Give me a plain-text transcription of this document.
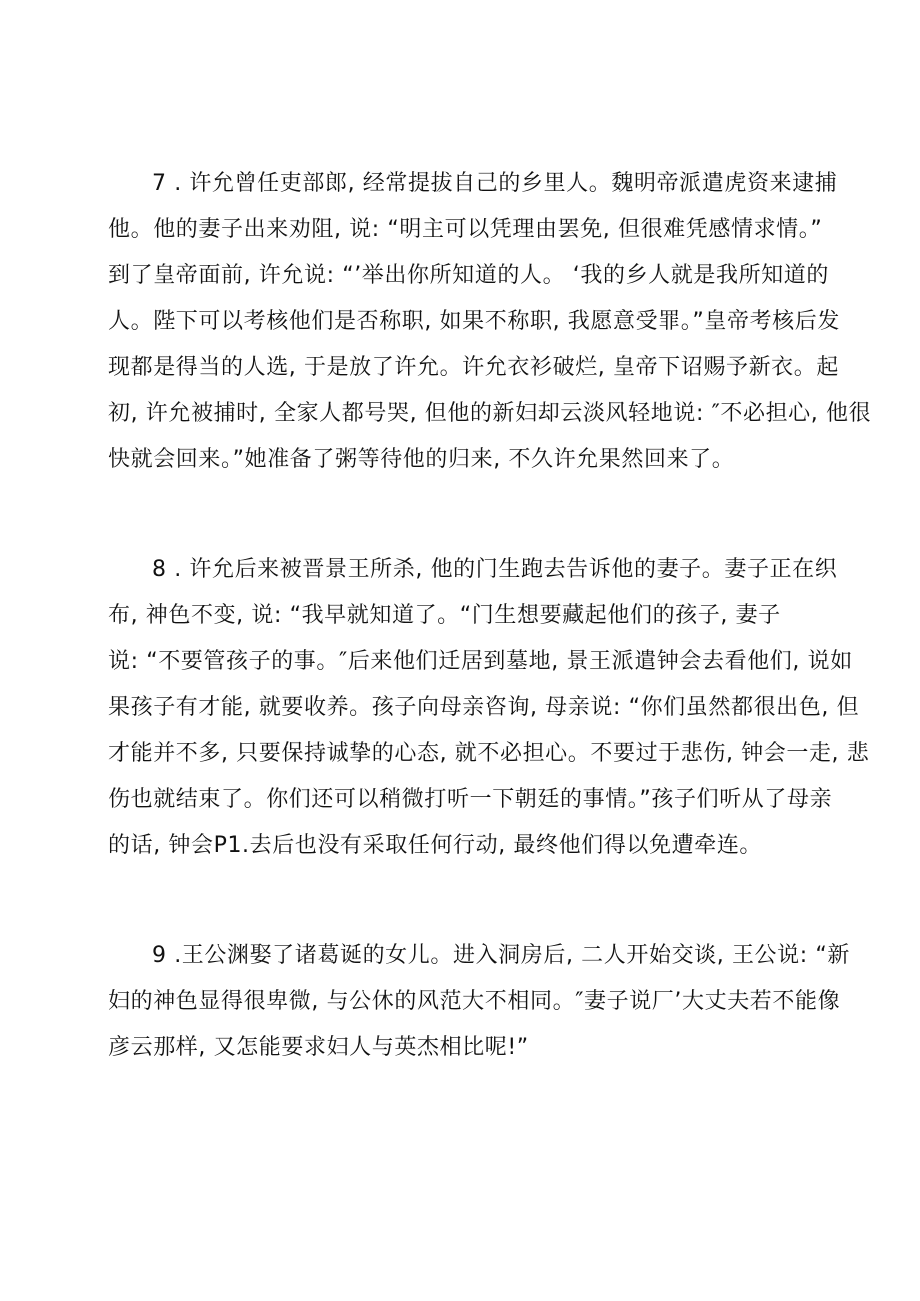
7 . 许允曾任吏部郎, 经常提拔自己的乡里人。魏明帝派遣虎资来逮捕
他。他的妻子出来劝阻, 说: “明主可以凭理由罢免, 但很难凭感情求情。”
到了皇帝面前, 许允说: “’举出你所知道的人。 ‘我的乡人就是我所知道的
人。陛下可以考核他们是否称职, 如果不称职, 我愿意受罪。”皇帝考核后发
现都是得当的人选, 于是放了许允。许允衣衫破烂, 皇帝下诏赐予新衣。起
初, 许允被捕时, 全家人都号哭, 但他的新妇却云淡风轻地说: ″不必担心, 他很
快就会回来。”她准备了粥等待他的归来, 不久许允果然回来了。
8 . 许允后来被晋景王所杀, 他的门生跑去告诉他的妻子。妻子正在织
布, 神色不变, 说: “我早就知道了。“门生想要藏起他们的孩子, 妻子
说: “不要管孩子的事。″后来他们迁居到墓地, 景王派遣钟会去看他们, 说如
果孩子有才能, 就要收养。孩子向母亲咨询, 母亲说: “你们虽然都很出色, 但
才能并不多, 只要保持诚挚的心态, 就不必担心。不要过于悲伤, 钟会一走, 悲
伤也就结束了。你们还可以稍微打听一下朝廷的事情。”孩子们听从了母亲
的话, 钟会P1.去后也没有采取任何行动, 最终他们得以免遭牵连。
9 .王公渊娶了诸葛诞的女儿。进入洞房后, 二人开始交谈, 王公说: “新
妇的神色显得很卑微, 与公休的风范大不相同。″妻子说厂’大丈夫若不能像
彦云那样, 又怎能要求妇人与英杰相比呢!”
